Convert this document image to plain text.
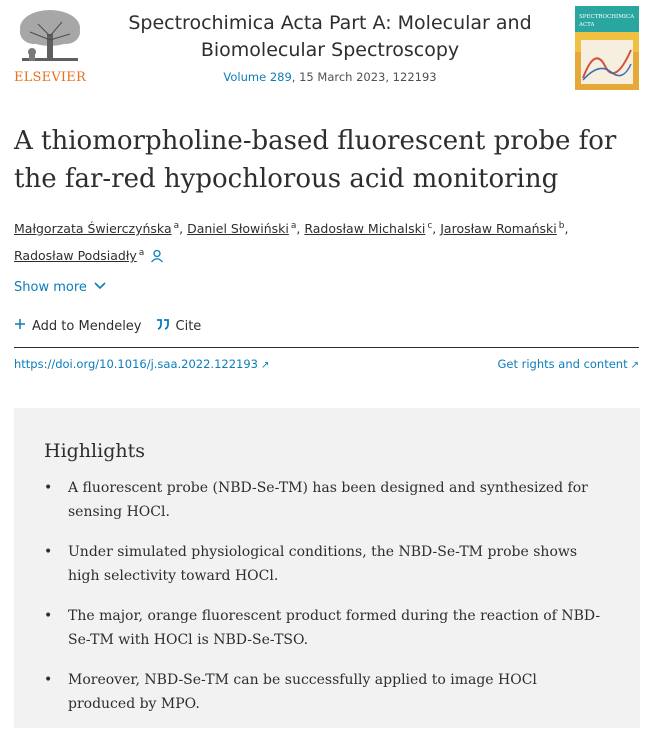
ELSEVIER
Spectrochimica Acta Part A: Molecular and Biomolecular Spectroscopy
Volume 289, 15 March 2023, 122193
SPECTROCHIMICA
ACTA
A thiomorpholine-based fluorescent probe for the far-red hypochlorous acid monitoring
Małgorzata Świerczyńska $^a$, Daniel Słowiński $^a$, Radosław Michalski $^c$, Jarosław Romański $^b$,
Radosław Podsiadły $^a$
Show more
Add to Mendeley	Cite
https://doi.org/10.1016/j.saa.2022.122193 ↗	Get rights and content ↗
Highlights
• A fluorescent probe (NBD-Se-TM) has been designed and synthesized for sensing HOCl.
• Under simulated physiological conditions, the NBD-Se-TM probe shows high selectivity toward HOCl.
• The major, orange fluorescent product formed during the reaction of NBD-Se-TM with HOCl is NBD-Se-TSO.
• Moreover, NBD-Se-TM can be successfully applied to image HOCl produced by MPO.
